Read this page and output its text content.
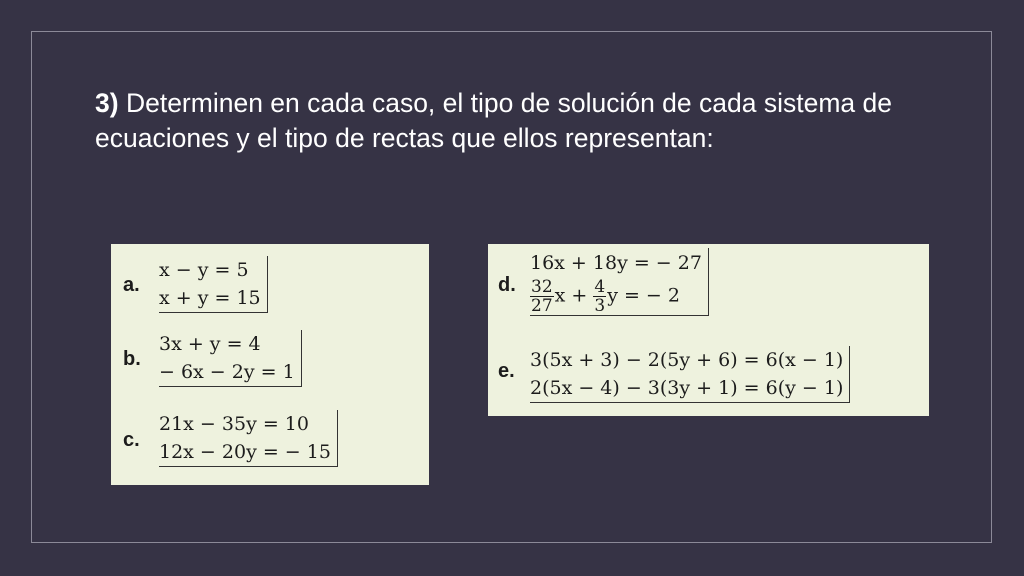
3) Determinen en cada caso, el tipo de solución de cada sistema de ecuaciones y el tipo de rectas que ellos representan:
a.
x − y = 5
x + y = 15
b.
3x + y = 4
− 6x − 2y = 1
c.
21x − 35y = 10
12x − 20y = − 15
d.
16x + 18y = − 27
$\frac{32}{27}$ $x + \frac{4}{3}$ y = − 2
e. 3(5x + 3) − 2(5y + 6) = 6(x − 1)
2(5x − 4) − 3(3y + 1) = 6(y − 1)
